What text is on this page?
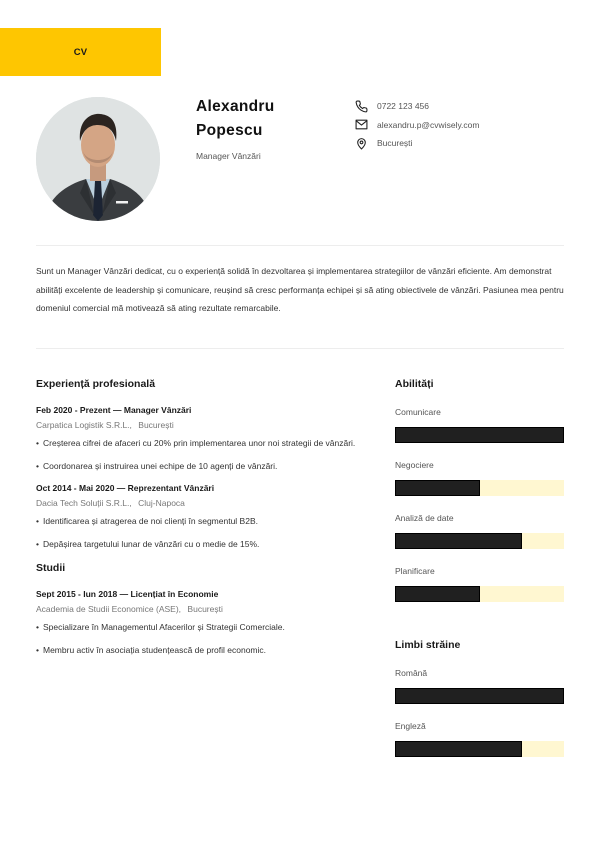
CV
Alexandru
Popescu
Manager Vânzări
0722 123 456
alexandru.p@cvwisely.com
București
Sunt un Manager Vânzări dedicat, cu o experiență solidă în dezvoltarea și implementarea strategiilor de vânzări eficiente. Am demonstrat abilități excelente de leadership și comunicare, reușind să cresc performanța echipei și să ating obiectivele de vânzări. Pasiunea mea pentru domeniul comercial mă motivează să ating rezultate remarcabile.
Experiență profesională
Feb 2020 - Prezent — Manager Vânzări
Carpatica Logistik S.R.L., București
• Creșterea cifrei de afaceri cu 20% prin implementarea unor noi strategii de vânzări.
• Coordonarea și instruirea unei echipe de 10 agenți de vânzări.
Oct 2014 - Mai 2020 — Reprezentant Vânzări
Dacia Tech Soluții S.R.L., Cluj-Napoca
• Identificarea și atragerea de noi clienți în segmentul B2B.
• Depășirea targetului lunar de vânzări cu o medie de 15%.
Studii
Sept 2015 - Iun 2018 — Licențiat în Economie
Academia de Studii Economice (ASE), București
• Specializare în Managementul Afacerilor și Strategii Comerciale.
• Membru activ în asociația studențească de profil economic.
Abilități
Comunicare
Negociere
Analiză de date
Planificare
Limbi străine
Română
Engleză
